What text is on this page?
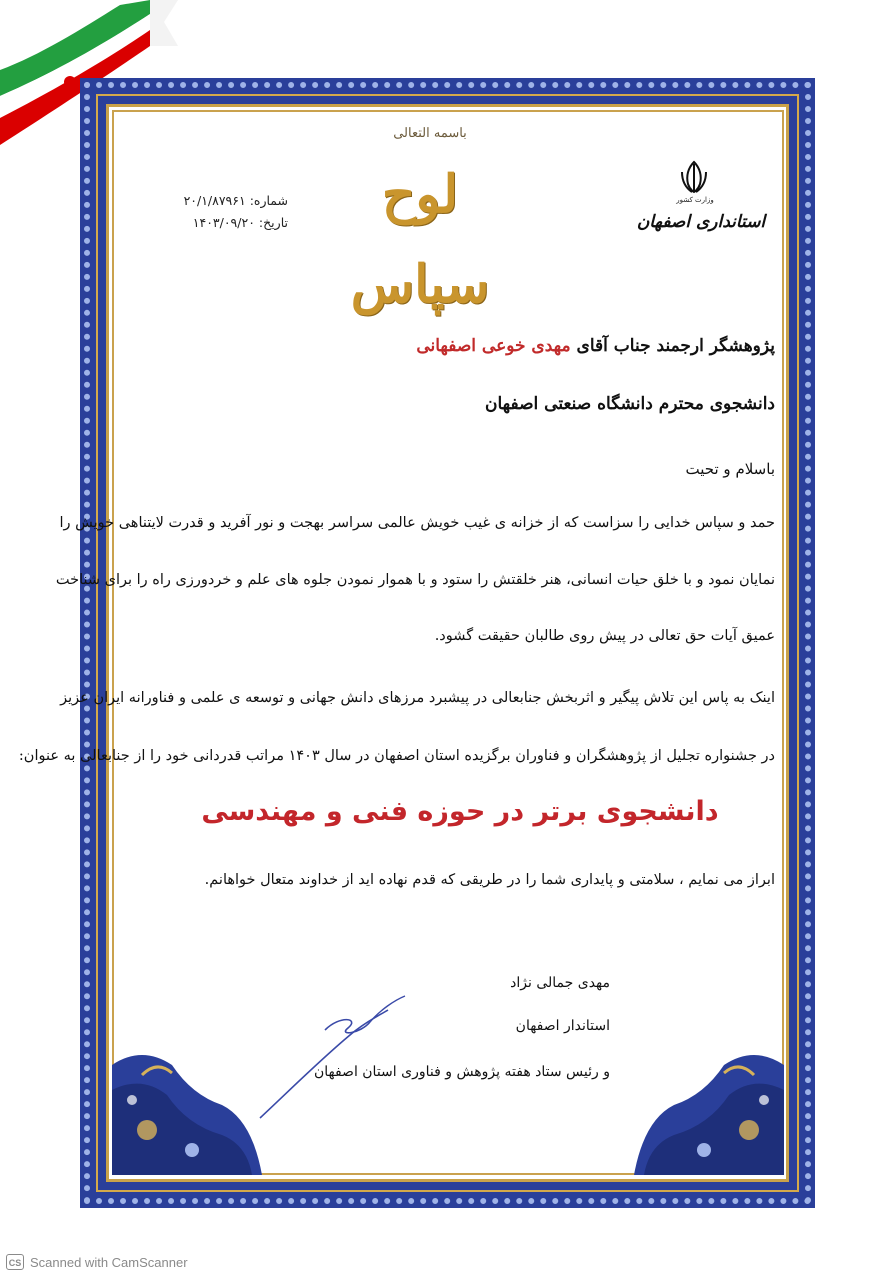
باسمه التعالی
لوح سپاس
شماره: ۲۰/۱/۸۷۹۶۱
تاریخ: ۱۴۰۳/۰۹/۲۰
وزارت کشور
استانداری اصفهان
پژوهشگر ارجمند جناب آقای مهدی خوعی اصفهانی
دانشجوی محترم دانشگاه صنعتی اصفهان
باسلام و تحیت
حمد و سپاس خدایی را سزاست که از خزانه ی غیب خویش عالمی سراسر بهجت و نور آفرید و قدرت لایتناهی خویش را
نمایان نمود و با خلق حیات انسانی، هنر خلقتش را ستود و با هموار نمودن جلوه های علم و خردورزی راه را برای شناخت
عمیق آیات حق تعالی در پیش روی طالبان حقیقت گشود.
اینک به پاس این تلاش پیگیر و اثربخش جنابعالی در پیشبرد مرزهای دانش جهانی و توسعه ی علمی و فناورانه ایران عزیز
در جشنواره تجلیل از پژوهشگران و فناوران برگزیده استان اصفهان در سال ۱۴۰۳ مراتب قدردانی خود را از جنابعالی به عنوان:
دانشجوی برتر در حوزه فنی و مهندسی
ابراز می نمایم ، سلامتی و پایداری شما را در طریقی که قدم نهاده اید از خداوند متعال خواهانم.
مهدی جمالی نژاد
استاندار اصفهان
و رئیس ستاد هفته پژوهش و فناوری استان اصفهان
CS Scanned with CamScanner
